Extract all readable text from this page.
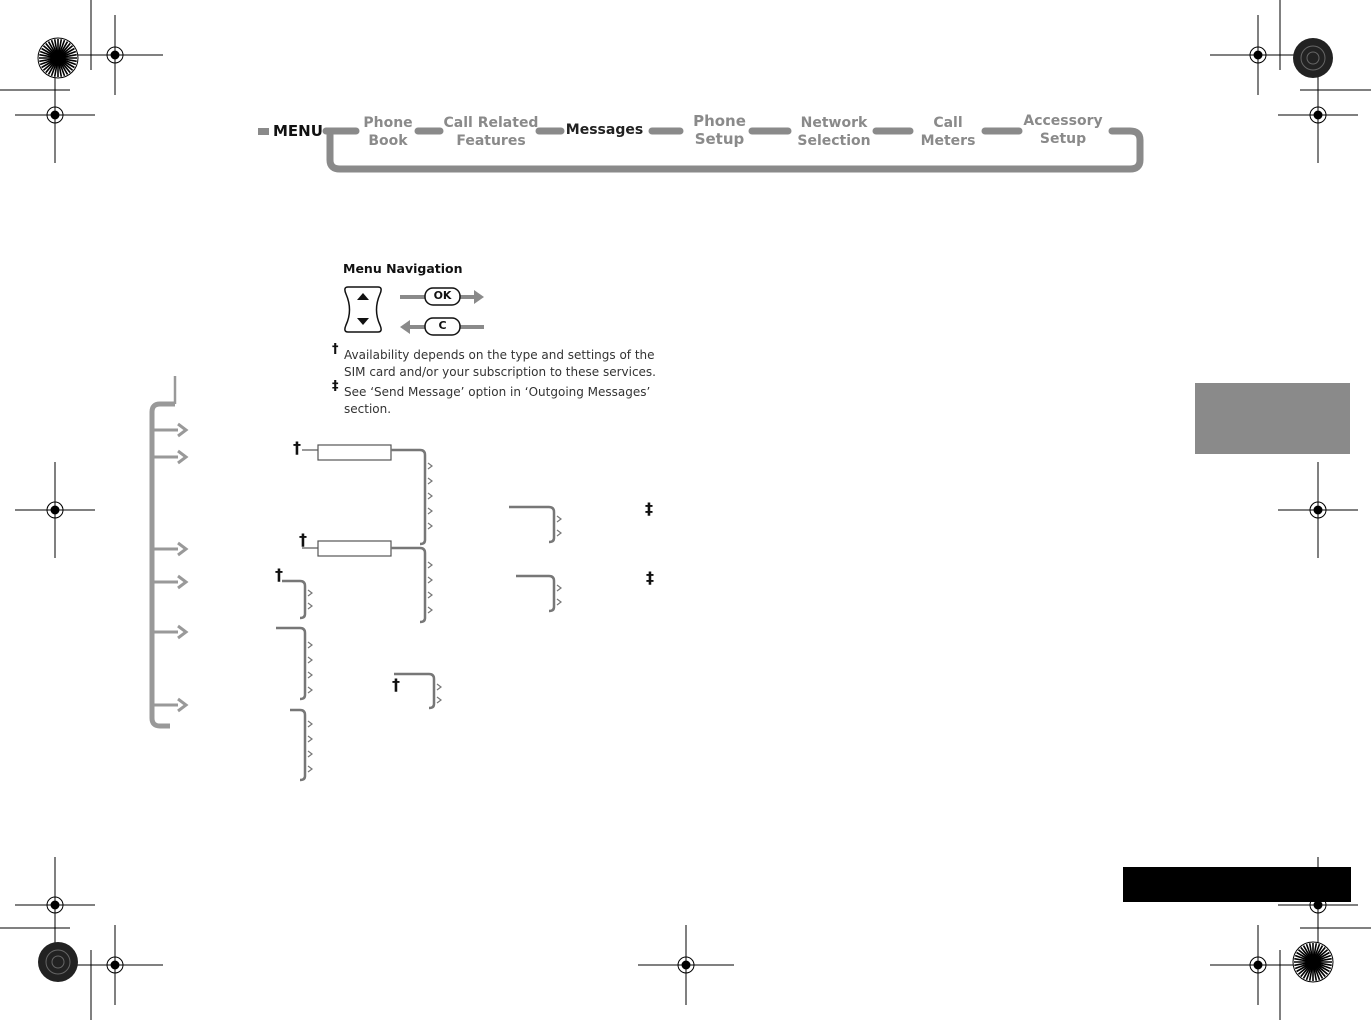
MENU	Phone
Book
Call Related
Features
Messages	Phone
Setup
Network
Selection
Call
Meters
Accessory
Setup
Menu Navigation
OK
C
† Availability depends on the type and settings of the
SIM card and/or your subscription to these services.
‡ See ‘Send Message’ option in ‘Outgoing Messages’
section.
†
†
†
†
‡
‡
